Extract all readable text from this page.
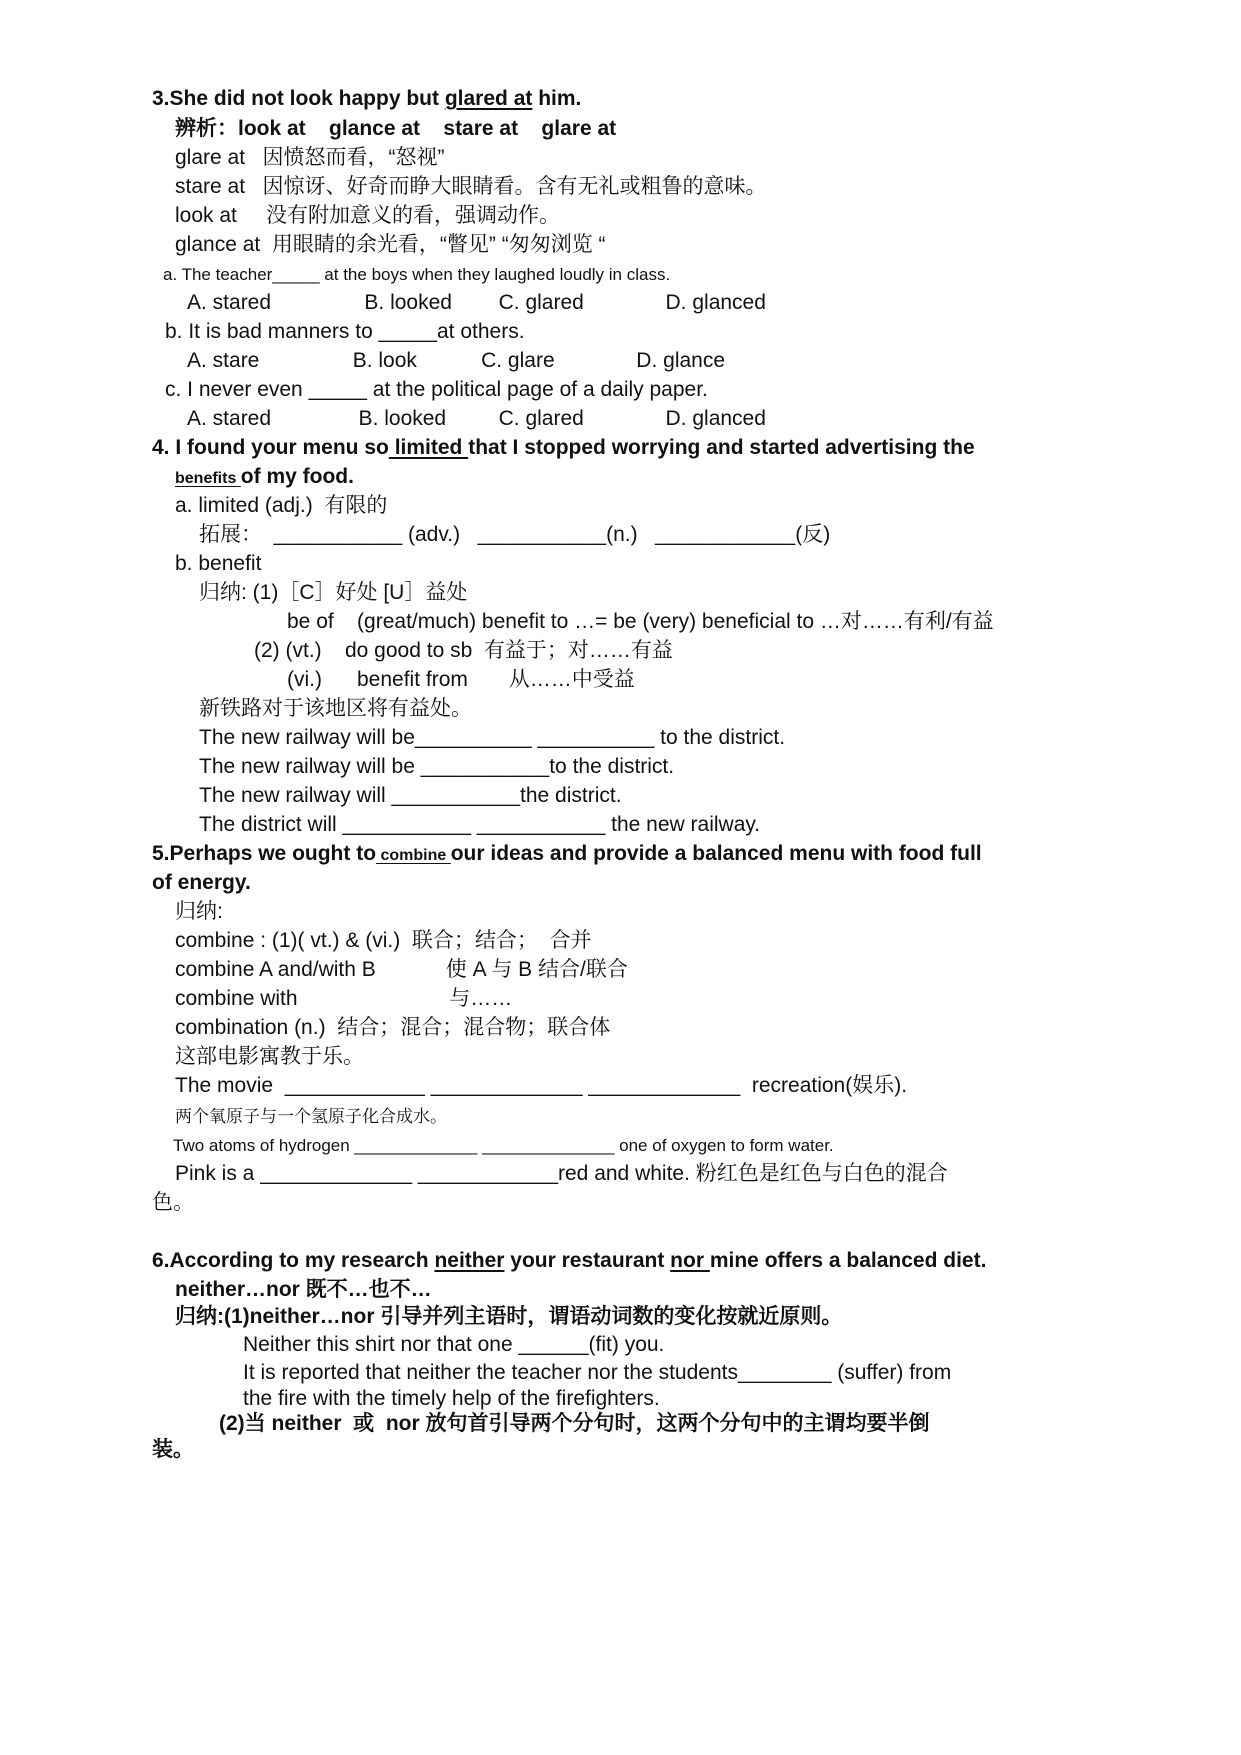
3.She did not look happy but glared at him.
辨析：look at    glance at    stare at    glare at
glare at   因愤怒而看，“怒视”
stare at   因惊讶、好奇而睁大眼睛看。含有无礼或粗鲁的意味。
look at     没有附加意义的看，强调动作。
glance at  用眼睛的余光看，“瞥见” “匆匆浏览 “
a. The teacher_____ at the boys when they laughed loudly in class.
A. stared                B. looked        C. glared              D. glanced
b. It is bad manners to _____at others.
A. stare                B. look           C. glare              D. glance
c. I never even _____ at the political page of a daily paper.
A. stared               B. looked         C. glared              D. glanced
4. I found your menu so limited that I stopped worrying and started advertising the
benefits of my food.
a. limited (adj.)  有限的
拓展：  ___________ (adv.)   ___________(n.)   ____________(反)
b. benefit
归纳: (1)［C］好处 [U］益处
be of    (great/much) benefit to …= be (very) beneficial to …对……有利/有益
(2) (vt.)    do good to sb  有益于；对……有益
(vi.)      benefit from       从……中受益
新铁路对于该地区将有益处。
The new railway will be__________ __________ to the district.
The new railway will be ___________to the district.
The new railway will ___________the district.
The district will ___________ ___________ the new railway.
5.Perhaps we ought to combine our ideas and provide a balanced menu with food full
of energy.
归纳:
combine : (1)( vt.) & (vi.)  联合；结合；  合并
combine A and/with B            使 A 与 B 结合/联合
combine with                          与……
combination (n.)  结合；混合；混合物；联合体
这部电影寓教于乐。
The movie  ____________ _____________ _____________  recreation(娱乐).
两个氧原子与一个氢原子化合成水。
Two atoms of hydrogen _____________ ______________ one of oxygen to form water.
Pink is a _____________ ____________red and white. 粉红色是红色与白色的混合
色。
6.According to my research neither your restaurant nor mine offers a balanced diet.
neither…nor 既不…也不…
归纳:(1)neither…nor 引导并列主语时，谓语动词数的变化按就近原则。
Neither this shirt nor that one ______(fit) you.
It is reported that neither the teacher nor the students________ (suffer) from
the fire with the timely help of the firefighters.
(2)当 neither  或  nor 放句首引导两个分句时，这两个分句中的主谓均要半倒
装。
